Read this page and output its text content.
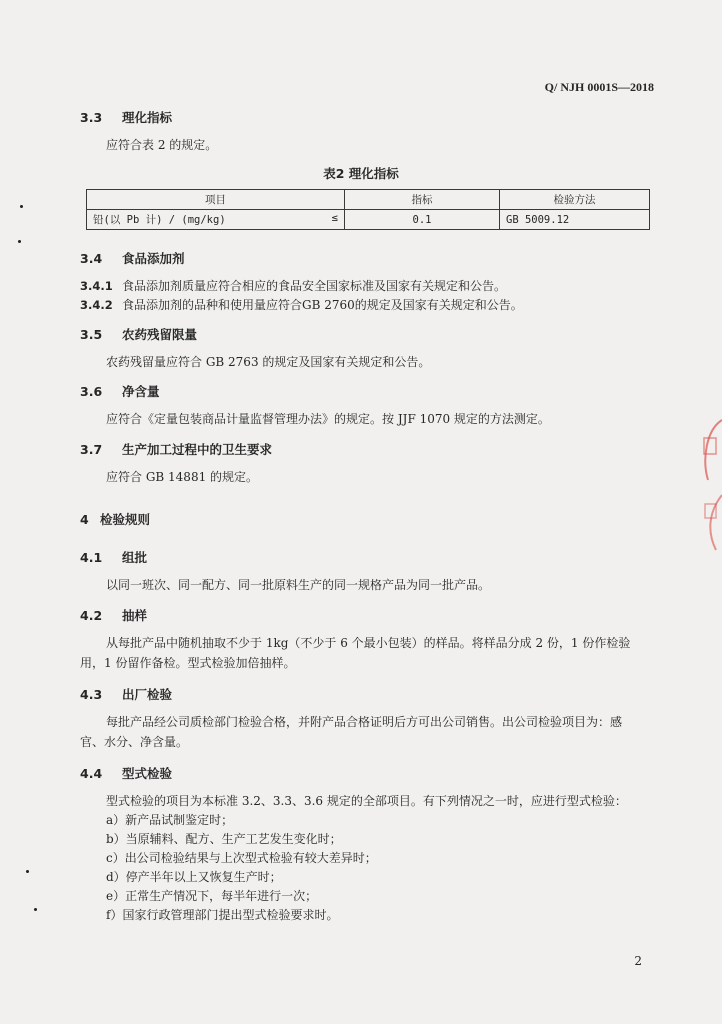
Q/ NJH 0001S—2018
3.3 理化指标
应符合表 2 的规定。
表2 理化指标
项目	指标	检验方法
铅(以 Pb 计) / (mg/kg) ≤	0.1	GB 5009.12
3.4 食品添加剂
3.4.1 食品添加剂质量应符合相应的食品安全国家标准及国家有关规定和公告。
3.4.2 食品添加剂的品种和使用量应符合GB 2760的规定及国家有关规定和公告。
3.5 农药残留限量
农药残留量应符合 GB 2763 的规定及国家有关规定和公告。
3.6 净含量
应符合《定量包装商品计量监督管理办法》的规定。按 JJF 1070 规定的方法测定。
3.7 生产加工过程中的卫生要求
应符合 GB 14881 的规定。
4 检验规则
4.1 组批
以同一班次、同一配方、同一批原料生产的同一规格产品为同一批产品。
4.2 抽样
从每批产品中随机抽取不少于 1kg（不少于 6 个最小包装）的样品。将样品分成 2 份，1 份作检验
用，1 份留作备检。型式检验加倍抽样。
4.3 出厂检验
每批产品经公司质检部门检验合格，并附产品合格证明后方可出公司销售。出公司检验项目为：感
官、水分、净含量。
4.4 型式检验
型式检验的项目为本标准 3.2、3.3、3.6 规定的全部项目。有下列情况之一时，应进行型式检验：
a）新产品试制鉴定时；
b）当原辅料、配方、生产工艺发生变化时；
c）出公司检验结果与上次型式检验有较大差异时；
d）停产半年以上又恢复生产时；
e）正常生产情况下，每半年进行一次；
f）国家行政管理部门提出型式检验要求时。
2
